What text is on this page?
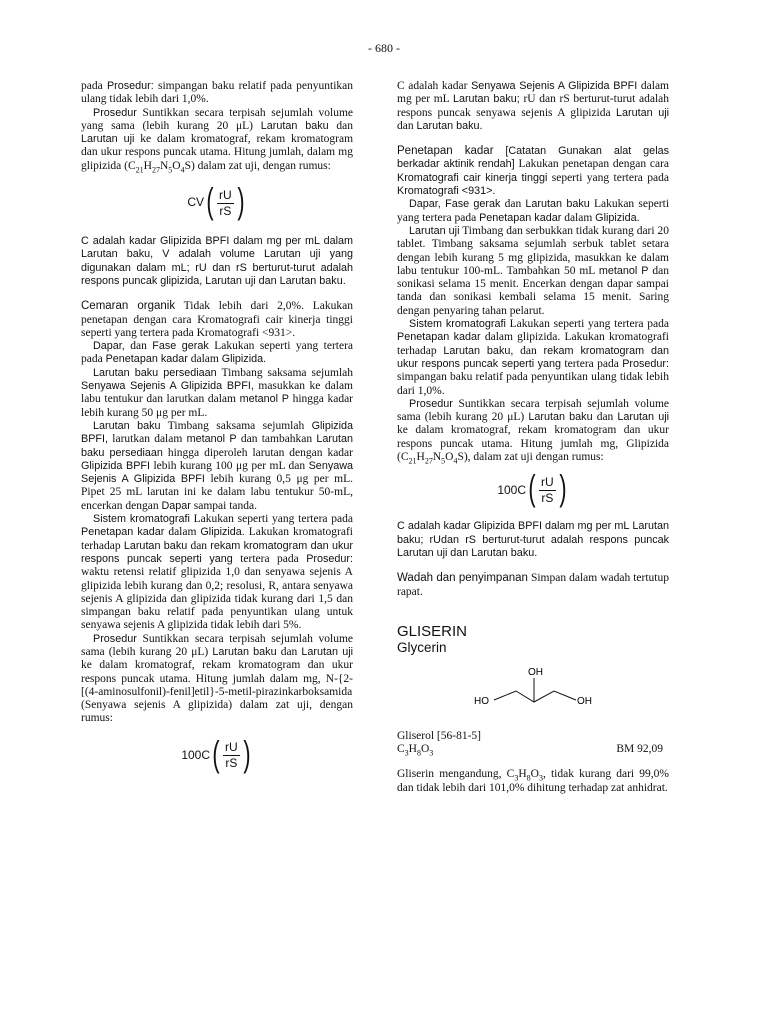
- 680 -

pada Prosedur: simpangan baku relatif pada penyuntikan ulang tidak lebih dari 1,0%.

Prosedur Suntikkan secara terpisah sejumlah volume yang sama (lebih kurang 20 μL) Larutan baku dan Larutan uji ke dalam kromatograf, rekam kromatogram dan ukur respons puncak utama. Hitung jumlah, dalam mg glipizida $(C_{21}H_{27}N_5O_4S)$ dalam zat uji, dengan rumus:

CV ( $\frac{rU}{rS}$ )

C adalah kadar Glipizida BPFI dalam mg per mL dalam Larutan baku, V adalah volume Larutan uji yang digunakan dalam mL; rU dan rS berturut-turut adalah respons puncak glipizida, Larutan uji dan Larutan baku.

Cemaran organik Tidak lebih dari 2,0%. Lakukan penetapan dengan cara Kromatografi cair kinerja tinggi seperti yang tertera pada Kromatografi <931>.

Dapar, dan Fase gerak Lakukan seperti yang tertera pada Penetapan kadar dalam Glipizida.

Larutan baku persediaan Timbang saksama sejumlah Senyawa Sejenis A Glipizida BPFI, masukkan ke dalam labu tentukur dan larutkan dalam metanol P hingga kadar lebih kurang 50 μg per mL.

Larutan baku Timbang saksama sejumlah Glipizida BPFI, larutkan dalam metanol P dan tambahkan Larutan baku persediaan hingga diperoleh larutan dengan kadar Glipizida BPFI lebih kurang 100 μg per mL dan Senyawa Sejenis A Glipizida BPFI lebih kurang 0,5 μg per mL. Pipet 25 mL larutan ini ke dalam labu tentukur 50-mL, encerkan dengan Dapar sampai tanda.

Sistem kromatografi Lakukan seperti yang tertera pada Penetapan kadar dalam Glipizida. Lakukan kromatografi terhadap Larutan baku dan rekam kromatogram dan ukur respons puncak seperti yang tertera pada Prosedur: waktu retensi relatif glipizida 1,0 dan senyawa sejenis A glipizida lebih kurang dan 0,2; resolusi, R, antara senyawa sejenis A glipizida dan glipizida tidak kurang dari 1,5 dan simpangan baku relatif pada penyuntikan ulang untuk senyawa sejenis A glipizida tidak lebih dari 5%.

Prosedur Suntikkan secara terpisah sejumlah volume sama (lebih kurang 20 μL) Larutan baku dan Larutan uji ke dalam kromatograf, rekam kromatogram dan ukur respons puncak utama. Hitung jumlah dalam mg, N-{2-[(4-aminosulfonil)-fenil]etil}-5-metil-pirazinkarboksamida (Senyawa sejenis A glipizida) dalam zat uji, dengan rumus:

100C ( $\frac{rU}{rS}$ )

C adalah kadar Senyawa Sejenis A Glipizida BPFI dalam mg per mL Larutan baku; rU dan rS berturut-turut adalah respons puncak senyawa sejenis A glipizida Larutan uji dan Larutan baku.

Penetapan kadar [Catatan Gunakan alat gelas berkadar aktinik rendah] Lakukan penetapan dengan cara Kromatografi cair kinerja tinggi seperti yang tertera pada Kromatografi <931>.

Dapar, Fase gerak dan Larutan baku Lakukan seperti yang tertera pada Penetapan kadar dalam Glipizida.

Larutan uji Timbang dan serbukkan tidak kurang dari 20 tablet. Timbang saksama sejumlah serbuk tablet setara dengan lebih kurang 5 mg glipizida, masukkan ke dalam labu tentukur 100-mL. Tambahkan 50 mL metanol P dan sonikasi selama 15 menit. Encerkan dengan dapar sampai tanda dan sonikasi kembali selama 15 menit. Saring dengan penyaring tahan pelarut.

Sistem kromatografi Lakukan seperti yang tertera pada Penetapan kadar dalam glipizida. Lakukan kromatografi terhadap Larutan baku, dan rekam kromatogram dan ukur respons puncak seperti yang tertera pada Prosedur: simpangan baku relatif pada penyuntikan ulang tidak lebih dari 1,0%.

Prosedur Suntikkan secara terpisah sejumlah volume sama (lebih kurang 20 μL) Larutan baku dan Larutan uji ke dalam kromatograf, rekam kromatogram dan ukur respons puncak utama. Hitung jumlah mg, Glipizida $(C_{21}H_{27}N_5O_4S)$, dalam zat uji dengan rumus:

100C ( $\frac{rU}{rS}$ )

C adalah kadar Glipizida BPFI dalam mg per mL Larutan baku; rUdan rS berturut-turut adalah respons puncak Larutan uji dan Larutan baku.

Wadah dan penyimpanan Simpan dalam wadah tertutup rapat.

GLISERIN
Glycerin
OH
HO	OH

Gliserol [56-81-5]

$C_3H_8O_3$	BM 92,09

Gliserin mengandung, $C_3H_8O_3$, tidak kurang dari 99,0% dan tidak lebih dari 101,0% dihitung terhadap zat anhidrat.
